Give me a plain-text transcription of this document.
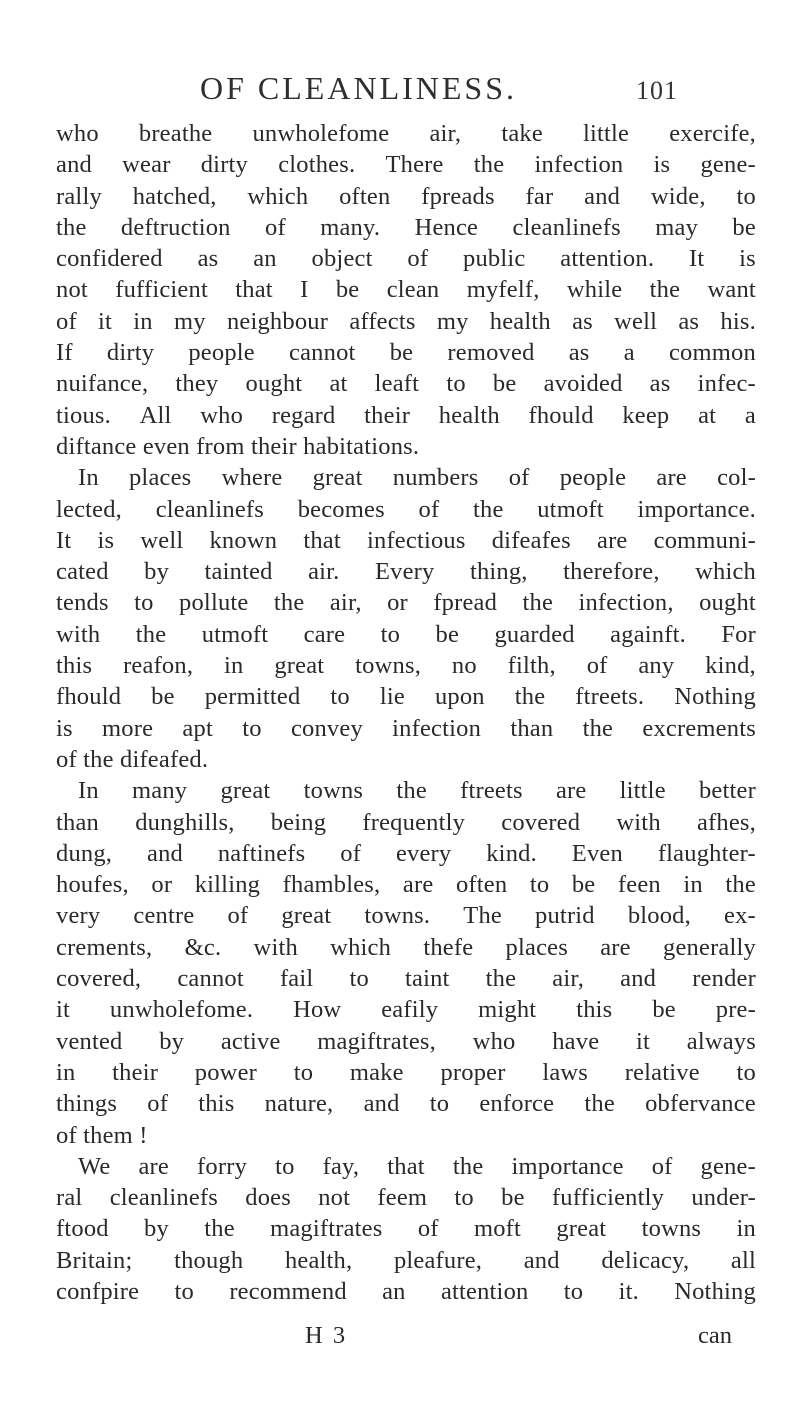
OF CLEANLINESS.	101
who breathe unwholefome air, take little exercife,
and wear dirty clothes. There the infection is gene-
rally hatched, which often fpreads far and wide, to
the deftruction of many. Hence cleanlinefs may be
confidered as an object of public attention. It is
not fufficient that I be clean myfelf, while the want
of it in my neighbour affects my health as well as his.
If dirty people cannot be removed as a common
nuifance, they ought at leaft to be avoided as infec-
tious. All who regard their health fhould keep at a
diftance even from their habitations.
In places where great numbers of people are col-
lected, cleanlinefs becomes of the utmoft importance.
It is well known that infectious difeafes are communi-
cated by tainted air. Every thing, therefore, which
tends to pollute the air, or fpread the infection, ought
with the utmoft care to be guarded againft. For
this reafon, in great towns, no filth, of any kind,
fhould be permitted to lie upon the ftreets. Nothing
is more apt to convey infection than the excrements
of the difeafed.
In many great towns the ftreets are little better
than dunghills, being frequently covered with afhes,
dung, and naftinefs of every kind. Even flaughter-
houfes, or killing fhambles, are often to be feen in the
very centre of great towns. The putrid blood, ex-
crements, &c. with which thefe places are generally
covered, cannot fail to taint the air, and render
it unwholefome. How eafily might this be pre-
vented by active magiftrates, who have it always
in their power to make proper laws relative to
things of this nature, and to enforce the obfervance
of them !
We are forry to fay, that the importance of gene-
ral cleanlinefs does not feem to be fufficiently under-
ftood by the magiftrates of moft great towns in
Britain; though health, pleafure, and delicacy, all
confpire to recommend an attention to it. Nothing
H 3	can
